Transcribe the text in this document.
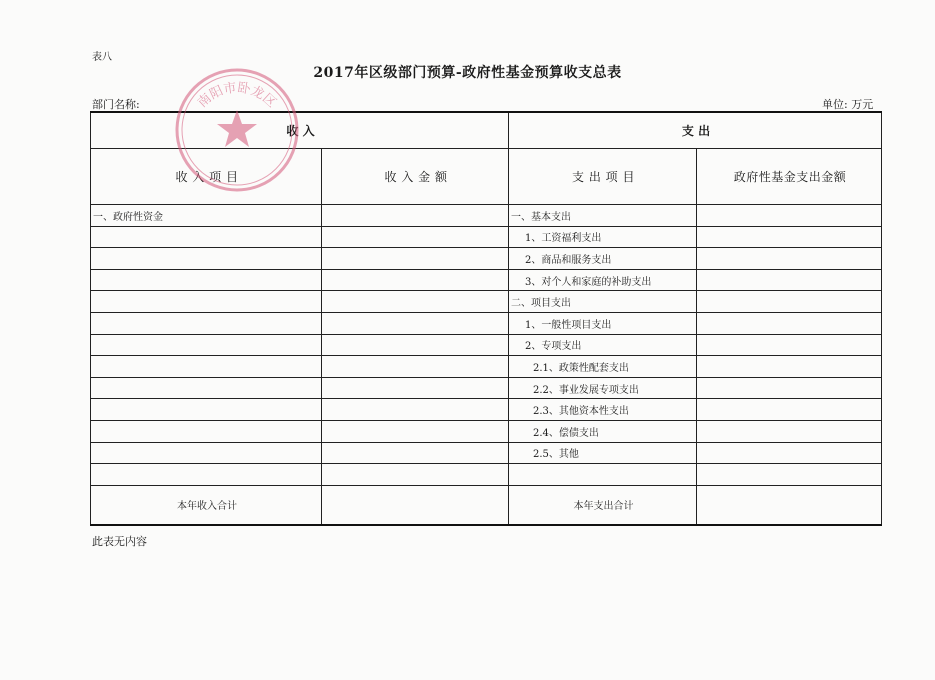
表八
2017年区级部门预算-政府性基金预算收支总表
部门名称:	单位: 万元
收 入		支 出	
收 入 项 目	收 入 金 额	支 出 项 目	政府性基金支出金额
一、政府性资金		一、基本支出	
		1、工资福利支出	
		2、商品和服务支出	
		3、对个人和家庭的补助支出	
		二、项目支出	
		1、一般性项目支出	
		2、专项支出	
		2.1、政策性配套支出	
		2.2、事业发展专项支出	
		2.3、其他资本性支出	
		2.4、偿债支出	
		2.5、其他	

本年收入合计		本年支出合计	
此表无内容
南阳市卧龙区
